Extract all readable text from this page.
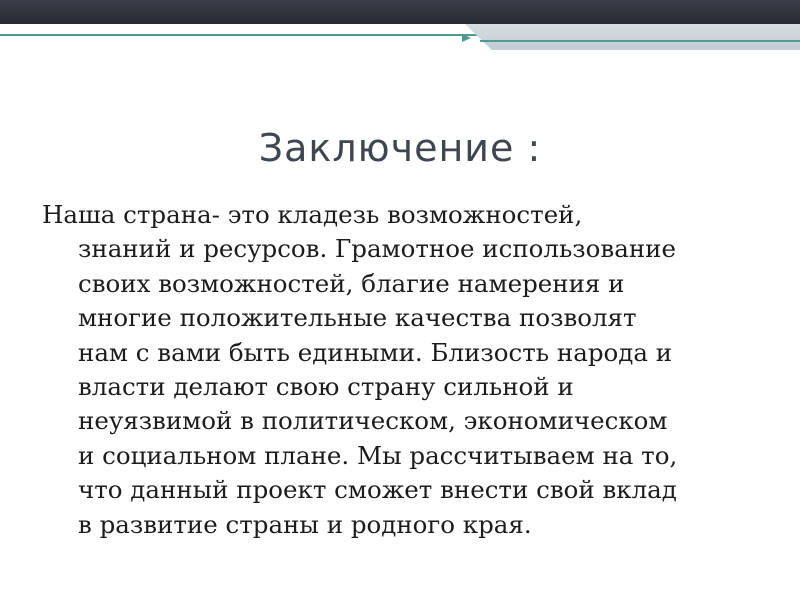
Заключение :
Наша страна- это кладезь возможностей,
знаний и ресурсов. Грамотное использование
своих возможностей, благие намерения и
многие положительные качества позволят
нам с вами быть едиными. Близость народа и
власти делают свою страну сильной и
неуязвимой в политическом, экономическом
и социальном плане. Мы рассчитываем на то,
что данный проект сможет внести свой вклад
в развитие страны и родного края.
